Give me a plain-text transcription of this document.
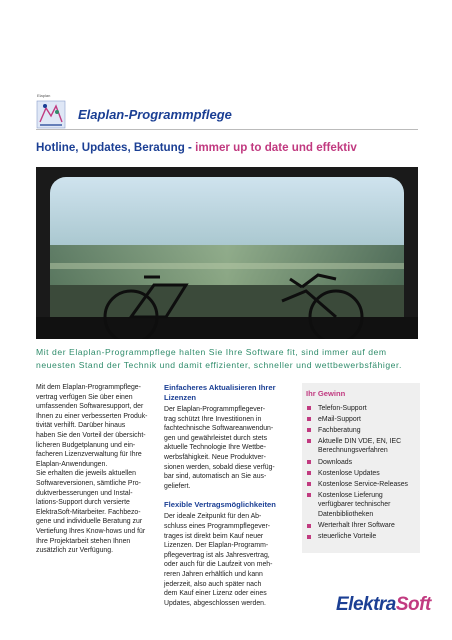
Elaplan
Elaplan-Programmpflege
Hotline, Updates, Beratung - immer up to date und effektiv
Mit der Elaplan-Programmpflege halten Sie Ihre Software fit, sind immer auf dem neuesten Stand der Technik und damit effizienter, schneller und wettbewerbsfähiger.

Mit dem Elaplan-Programmpflege-
vertrag verfügen Sie über einen
umfassenden Softwaresupport, der
Ihnen zu einer verbesserten Produk-
tivität verhilft. Darüber hinaus
haben Sie den Vorteil der übersicht-
licheren Budgetplanung und ein-
facheren Lizenzverwaltung für Ihre
Elaplan-Anwendungen.
Sie erhalten die jeweils aktuellen
Softwareversionen, sämtliche Pro-
duktverbesserungen und Instal-
lations-Support durch versierte
ElektraSoft-Mitarbeiter. Fachbezo-
gene und individuelle Beratung zur
Vertiefung Ihres Know-hows und für
Ihre Projektarbeit stehen Ihnen
zusätzlich zur Verfügung.

Einfacheres Aktualisieren Ihrer
Lizenzen

Der Elaplan-Programmpflegever-
trag schützt Ihre Investitionen in
fachtechnische Softwareanwendun-
gen und gewährleistet durch stets
aktuelle Technologie Ihre Wettbe-
werbsfähigkeit. Neue Produktver-
sionen werden, sobald diese verfüg-
bar sind, automatisch an Sie aus-
geliefert.

Flexible Vertragsmöglichkeiten

Der ideale Zeitpunkt für den Ab-
schluss eines Programmpflegever-
trages ist direkt beim Kauf neuer
Lizenzen. Der Elaplan-Programm-
pflegevertrag ist als Jahresvertrag,
oder auch für die Laufzeit von meh-
reren Jahren erhältlich und kann
jederzeit, also auch später nach
dem Kauf einer Lizenz oder eines
Updates, abgeschlossen werden.

Ihr Gewinn
Telefon-Support
eMail-Support
Fachberatung
Aktuelle DIN VDE, EN, IEC
Berechnungsverfahren
Downloads
Kostenlose Updates
Kostenlose Service-Releases
Kostenlose Lieferung
verfügbarer technischer
Datenbibliotheken
Werterhalt Ihrer Software
steuerliche Vorteile
ElektraSoft
